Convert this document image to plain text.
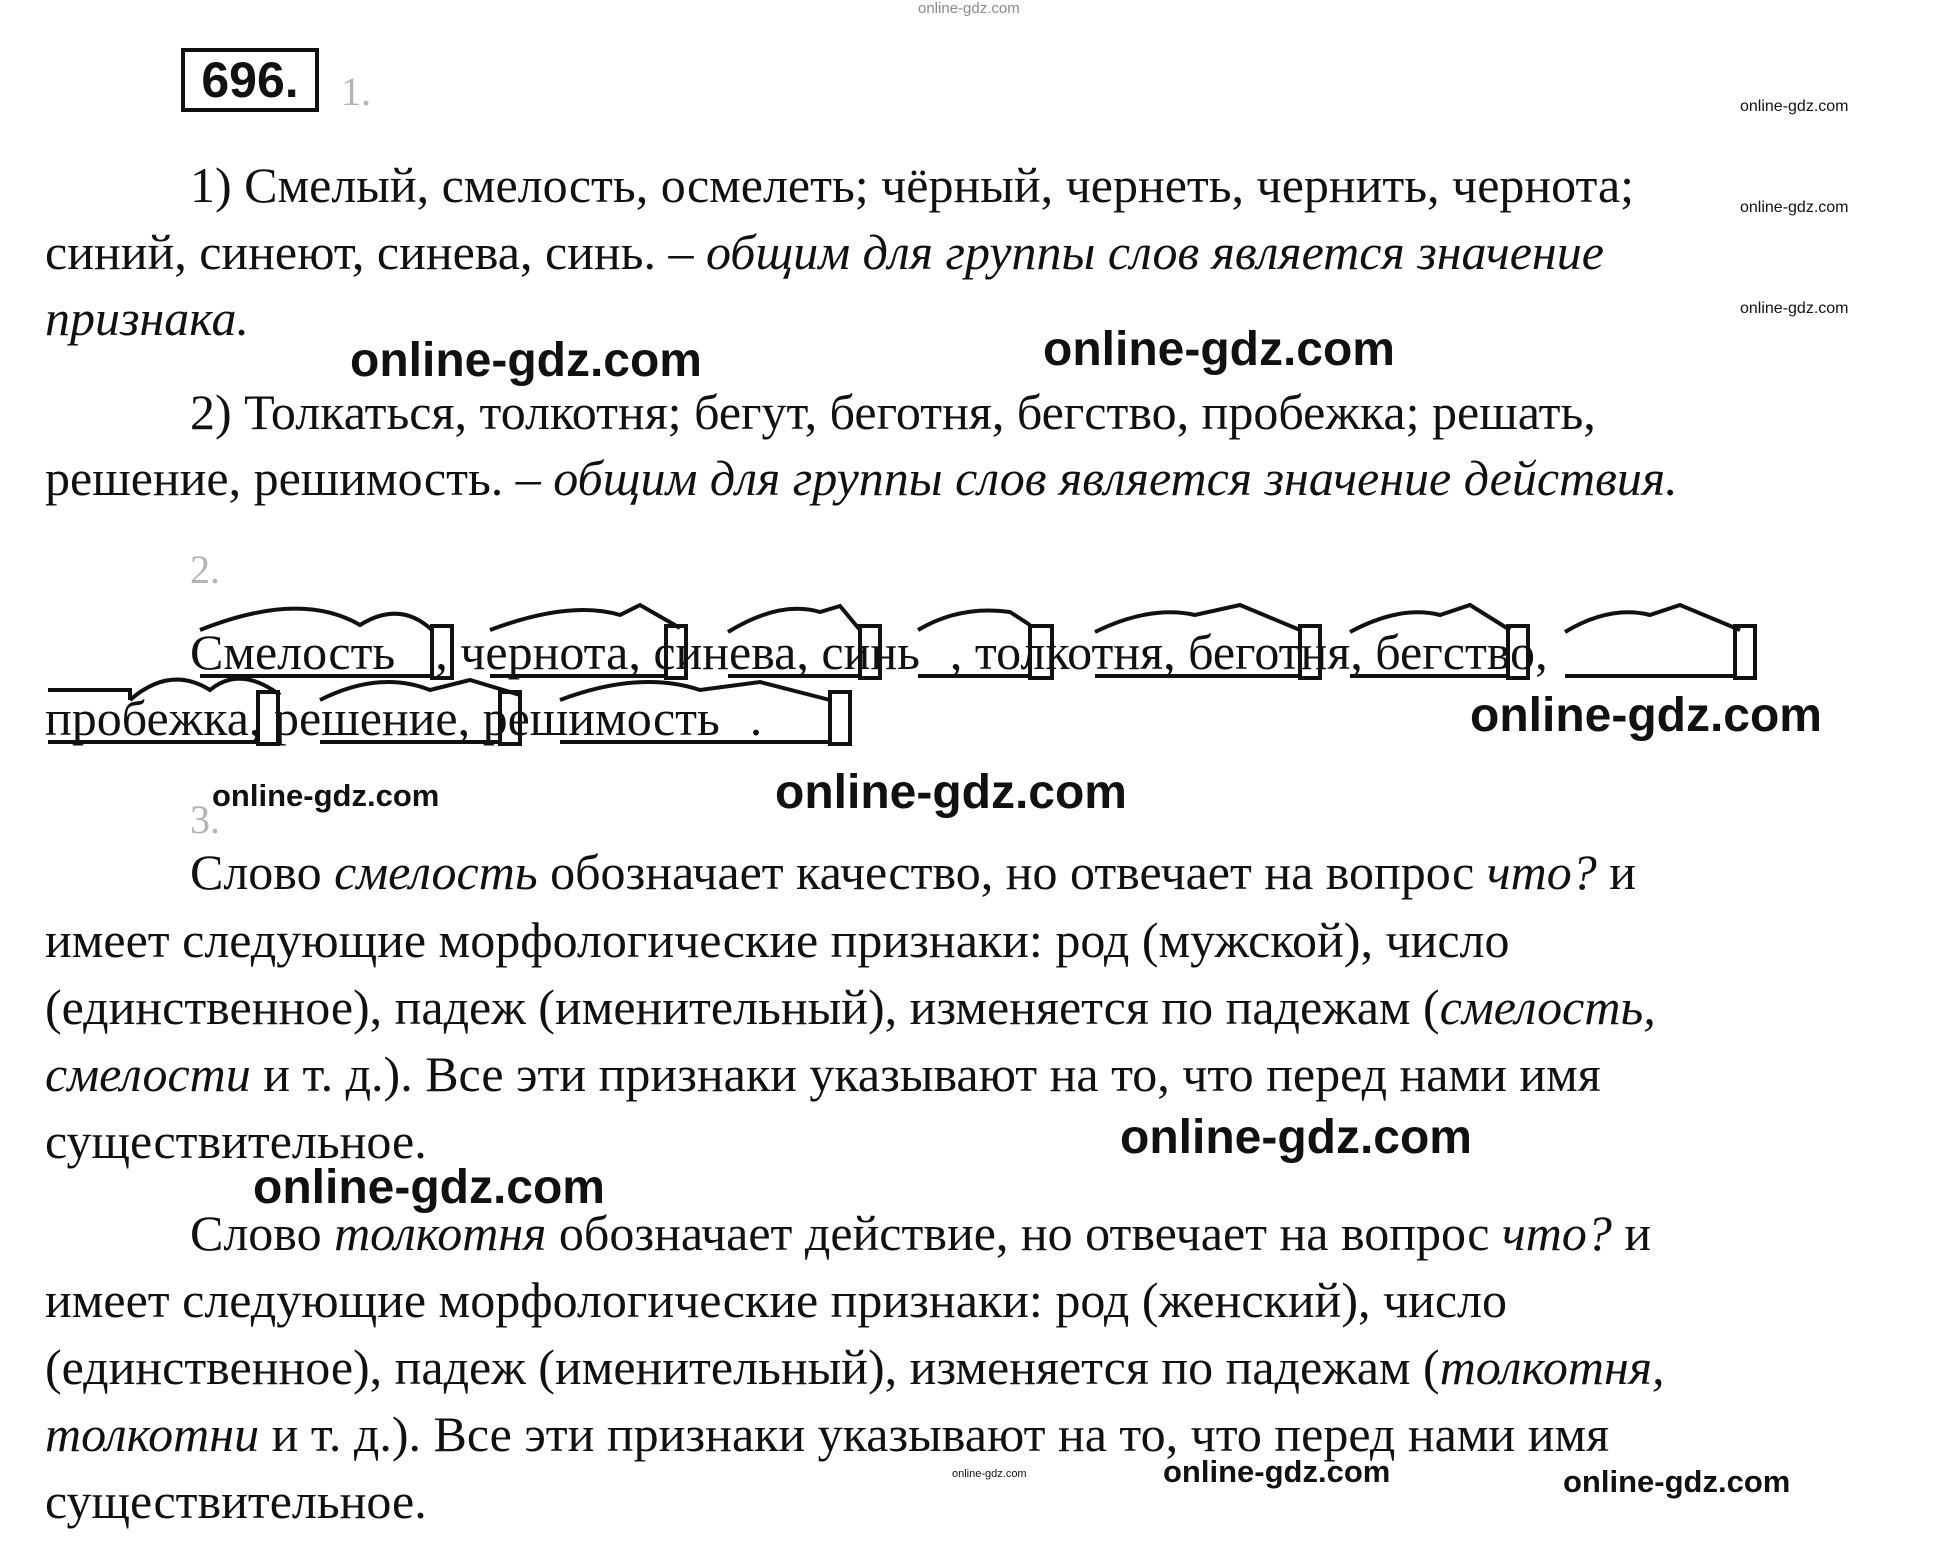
online-gdz.com
696.	1.
1) Смелый, смелость, осмелеть; чёрный, чернеть, чернить, чернота;
синий, синеют, синева, синь. – общим для группы слов является значение
признака.
2) Толкаться, толкотня; бегут, беготня, бегство, пробежка; решать,
решение, решимость. – общим для группы слов является значение действия.
2.
Смелость , чернота, синева, синь , толкотня, беготня, бегство,
пробежка, решение, решимость .
3.
Слово смелость обозначает качество, но отвечает на вопрос что? и
имеет следующие морфологические признаки: род (мужской), число
(единственное), падеж (именительный), изменяется по падежам (смелость,
смелости и т. д.). Все эти признаки указывают на то, что перед нами имя
существительное.
Слово толкотня обозначает действие, но отвечает на вопрос что? и
имеет следующие морфологические признаки: род (женский), число
(единственное), падеж (именительный), изменяется по падежам (толкотня,
толкотни и т. д.). Все эти признаки указывают на то, что перед нами имя
существительное.
online-gdz.com	online-gdz.com
online-gdz.com
online-gdz.com
online-gdz.com
online-gdz.com
online-gdz.com
online-gdz.com	online-gdz.com
online-gdz.com
online-gdz.com
online-gdz.com
online-gdz.com
